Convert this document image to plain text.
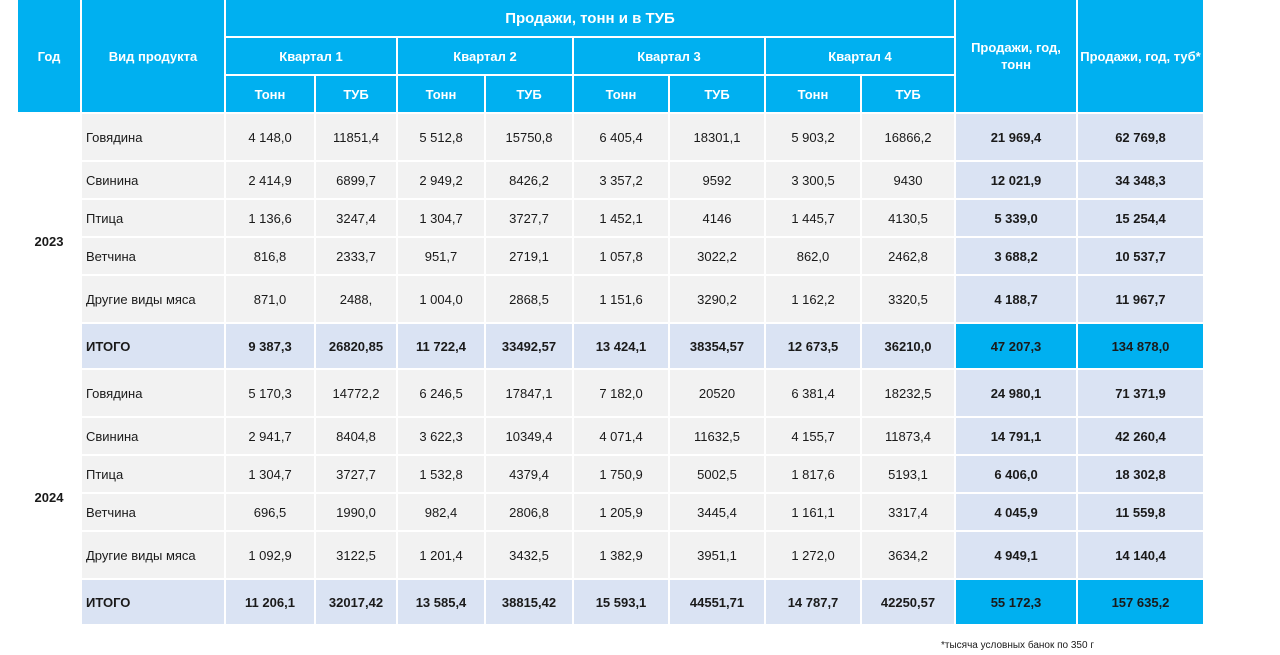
Год	Вид продукта	Продажи, тонн и в ТУБ								Продажи, год, тонн	Продажи, год, туб*
		Квартал 1		Квартал 2		Квартал 3		Квартал 4			
		Тонн	ТУБ	Тонн	ТУБ	Тонн	ТУБ	Тонн	ТУБ		
2023	Говядина	4 148,0	11851,4	5 512,8	15750,8	6 405,4	18301,1	5 903,2	16866,2	21 969,4	62 769,8
	Свинина	2 414,9	6899,7	2 949,2	8426,2	3 357,2	9592	3 300,5	9430	12 021,9	34 348,3
	Птица	1 136,6	3247,4	1 304,7	3727,7	1 452,1	4146	1 445,7	4130,5	5 339,0	15 254,4
	Ветчина	816,8	2333,7	951,7	2719,1	1 057,8	3022,2	862,0	2462,8	3 688,2	10 537,7
	Другие виды мяса	871,0	2488,	1 004,0	2868,5	1 151,6	3290,2	1 162,2	3320,5	4 188,7	11 967,7
	ИТОГО	9 387,3	26820,85	11 722,4	33492,57	13 424,1	38354,57	12 673,5	36210,0	47 207,3	134 878,0
2024	Говядина	5 170,3	14772,2	6 246,5	17847,1	7 182,0	20520	6 381,4	18232,5	24 980,1	71 371,9
	Свинина	2 941,7	8404,8	3 622,3	10349,4	4 071,4	11632,5	4 155,7	11873,4	14 791,1	42 260,4
	Птица	1 304,7	3727,7	1 532,8	4379,4	1 750,9	5002,5	1 817,6	5193,1	6 406,0	18 302,8
	Ветчина	696,5	1990,0	982,4	2806,8	1 205,9	3445,4	1 161,1	3317,4	4 045,9	11 559,8
	Другие виды мяса	1 092,9	3122,5	1 201,4	3432,5	1 382,9	3951,1	1 272,0	3634,2	4 949,1	14 140,4
	ИТОГО	11 206,1	32017,42	13 585,4	38815,42	15 593,1	44551,71	14 787,7	42250,57	55 172,3	157 635,2
*тысяча условных банок по 350 г
